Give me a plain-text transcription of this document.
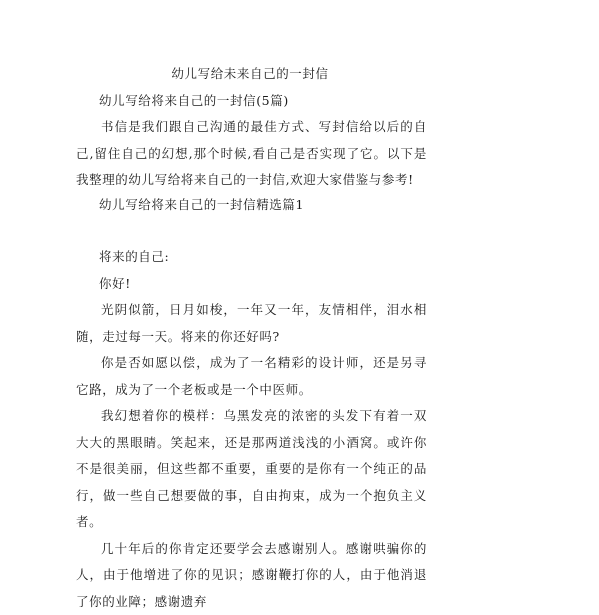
幼儿写给未来自己的一封信
幼儿写给将来自己的一封信(5篇)

书信是我们跟自己沟通的最佳方式、写封信给以后的自己,留住自己的幻想,那个时候,看自己是否实现了它。以下是我整理的幼儿写给将来自己的一封信,欢迎大家借鉴与参考!

幼儿写给将来自己的一封信精选篇1
将来的自己:
你好!

光阴似箭，日月如梭，一年又一年，友情相伴，泪水相随，走过每一天。将来的你还好吗?

你是否如愿以偿，成为了一名精彩的设计师，还是另寻它路，成为了一个老板或是一个中医师。

我幻想着你的模样：乌黑发亮的浓密的头发下有着一双大大的黑眼睛。笑起来，还是那两道浅浅的小酒窝。或许你不是很美丽，但这些都不重要，重要的是你有一个纯正的品行，做一些自己想要做的事，自由拘束，成为一个抱负主义者。

几十年后的你肯定还要学会去感谢别人。感谢哄骗你的人，由于他增进了你的见识；感谢鞭打你的人，由于他消退了你的业障；感谢遗弃
